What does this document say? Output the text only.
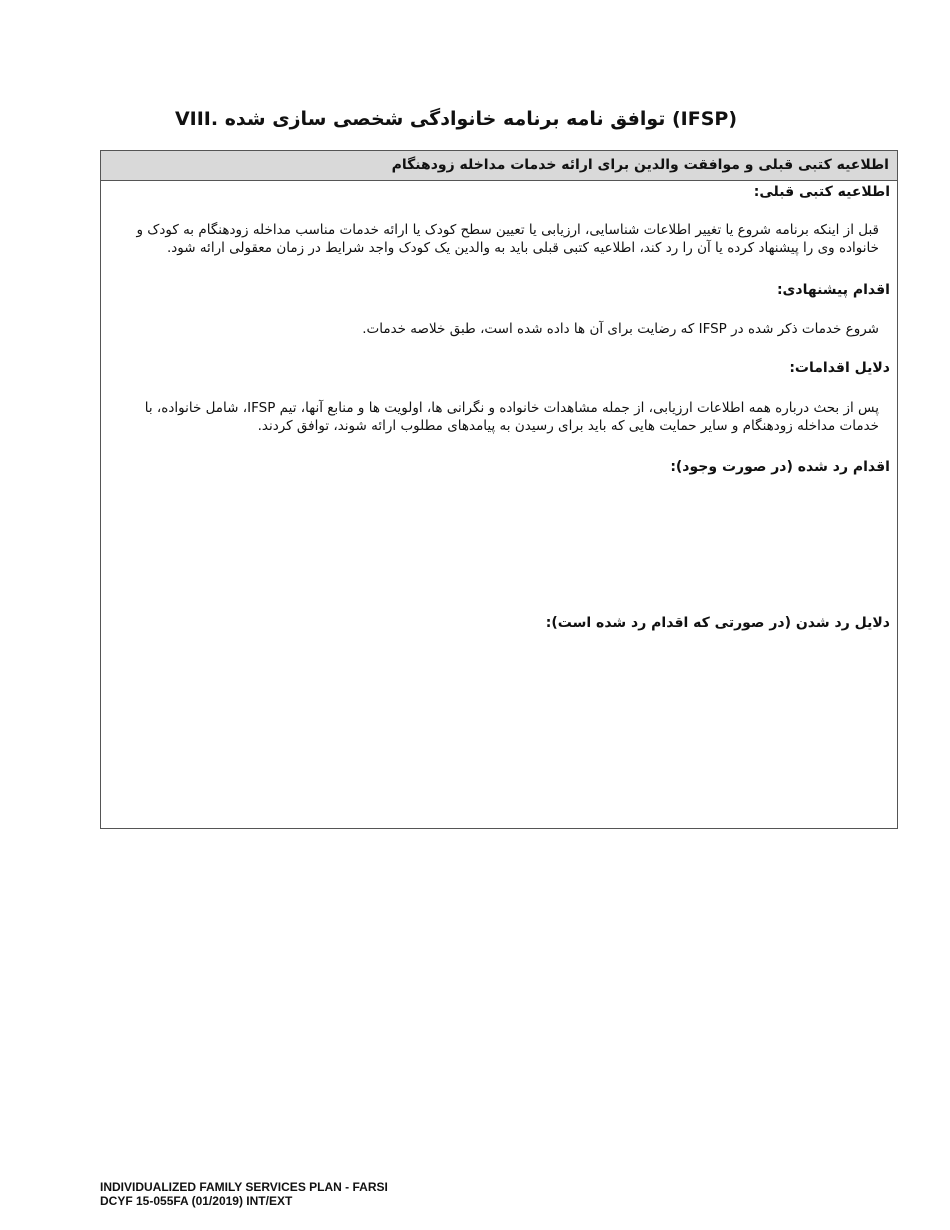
VIII. توافق نامه برنامه خانوادگی شخصی سازی شده (IFSP)
اطلاعیه کتبی قبلی و موافقت والدین برای ارائه خدمات مداخله زودهنگام
اطلاعیه کتبی قبلی:
قبل از اینکه برنامه شروع یا تغییر اطلاعات شناسایی، ارزیابی یا تعیین سطح کودک یا ارائه خدمات مناسب مداخله زودهنگام به کودک و خانواده وی را پیشنهاد کرده یا آن را رد کند، اطلاعیه کتبی قبلی باید به والدین یک کودک واجد شرایط در زمان معقولی ارائه شود.
اقدام پیشنهادی:
شروع خدمات ذکر شده در IFSP که رضایت برای آن ها داده شده است، طبق خلاصه خدمات.
دلایل اقدامات:
پس از بحث درباره همه اطلاعات ارزیابی، از جمله مشاهدات خانواده و نگرانی ها، اولویت ها و منابع آنها، تیم IFSP، شامل خانواده، با خدمات مداخله زودهنگام و سایر حمایت هایی که باید برای رسیدن به پیامدهای مطلوب ارائه شوند، توافق کردند.
اقدام رد شده (در صورت وجود):
دلایل رد شدن (در صورتی که اقدام رد شده است):
INDIVIDUALIZED FAMILY SERVICES PLAN - FARSI
DCYF 15-055FA (01/2019) INT/EXT
